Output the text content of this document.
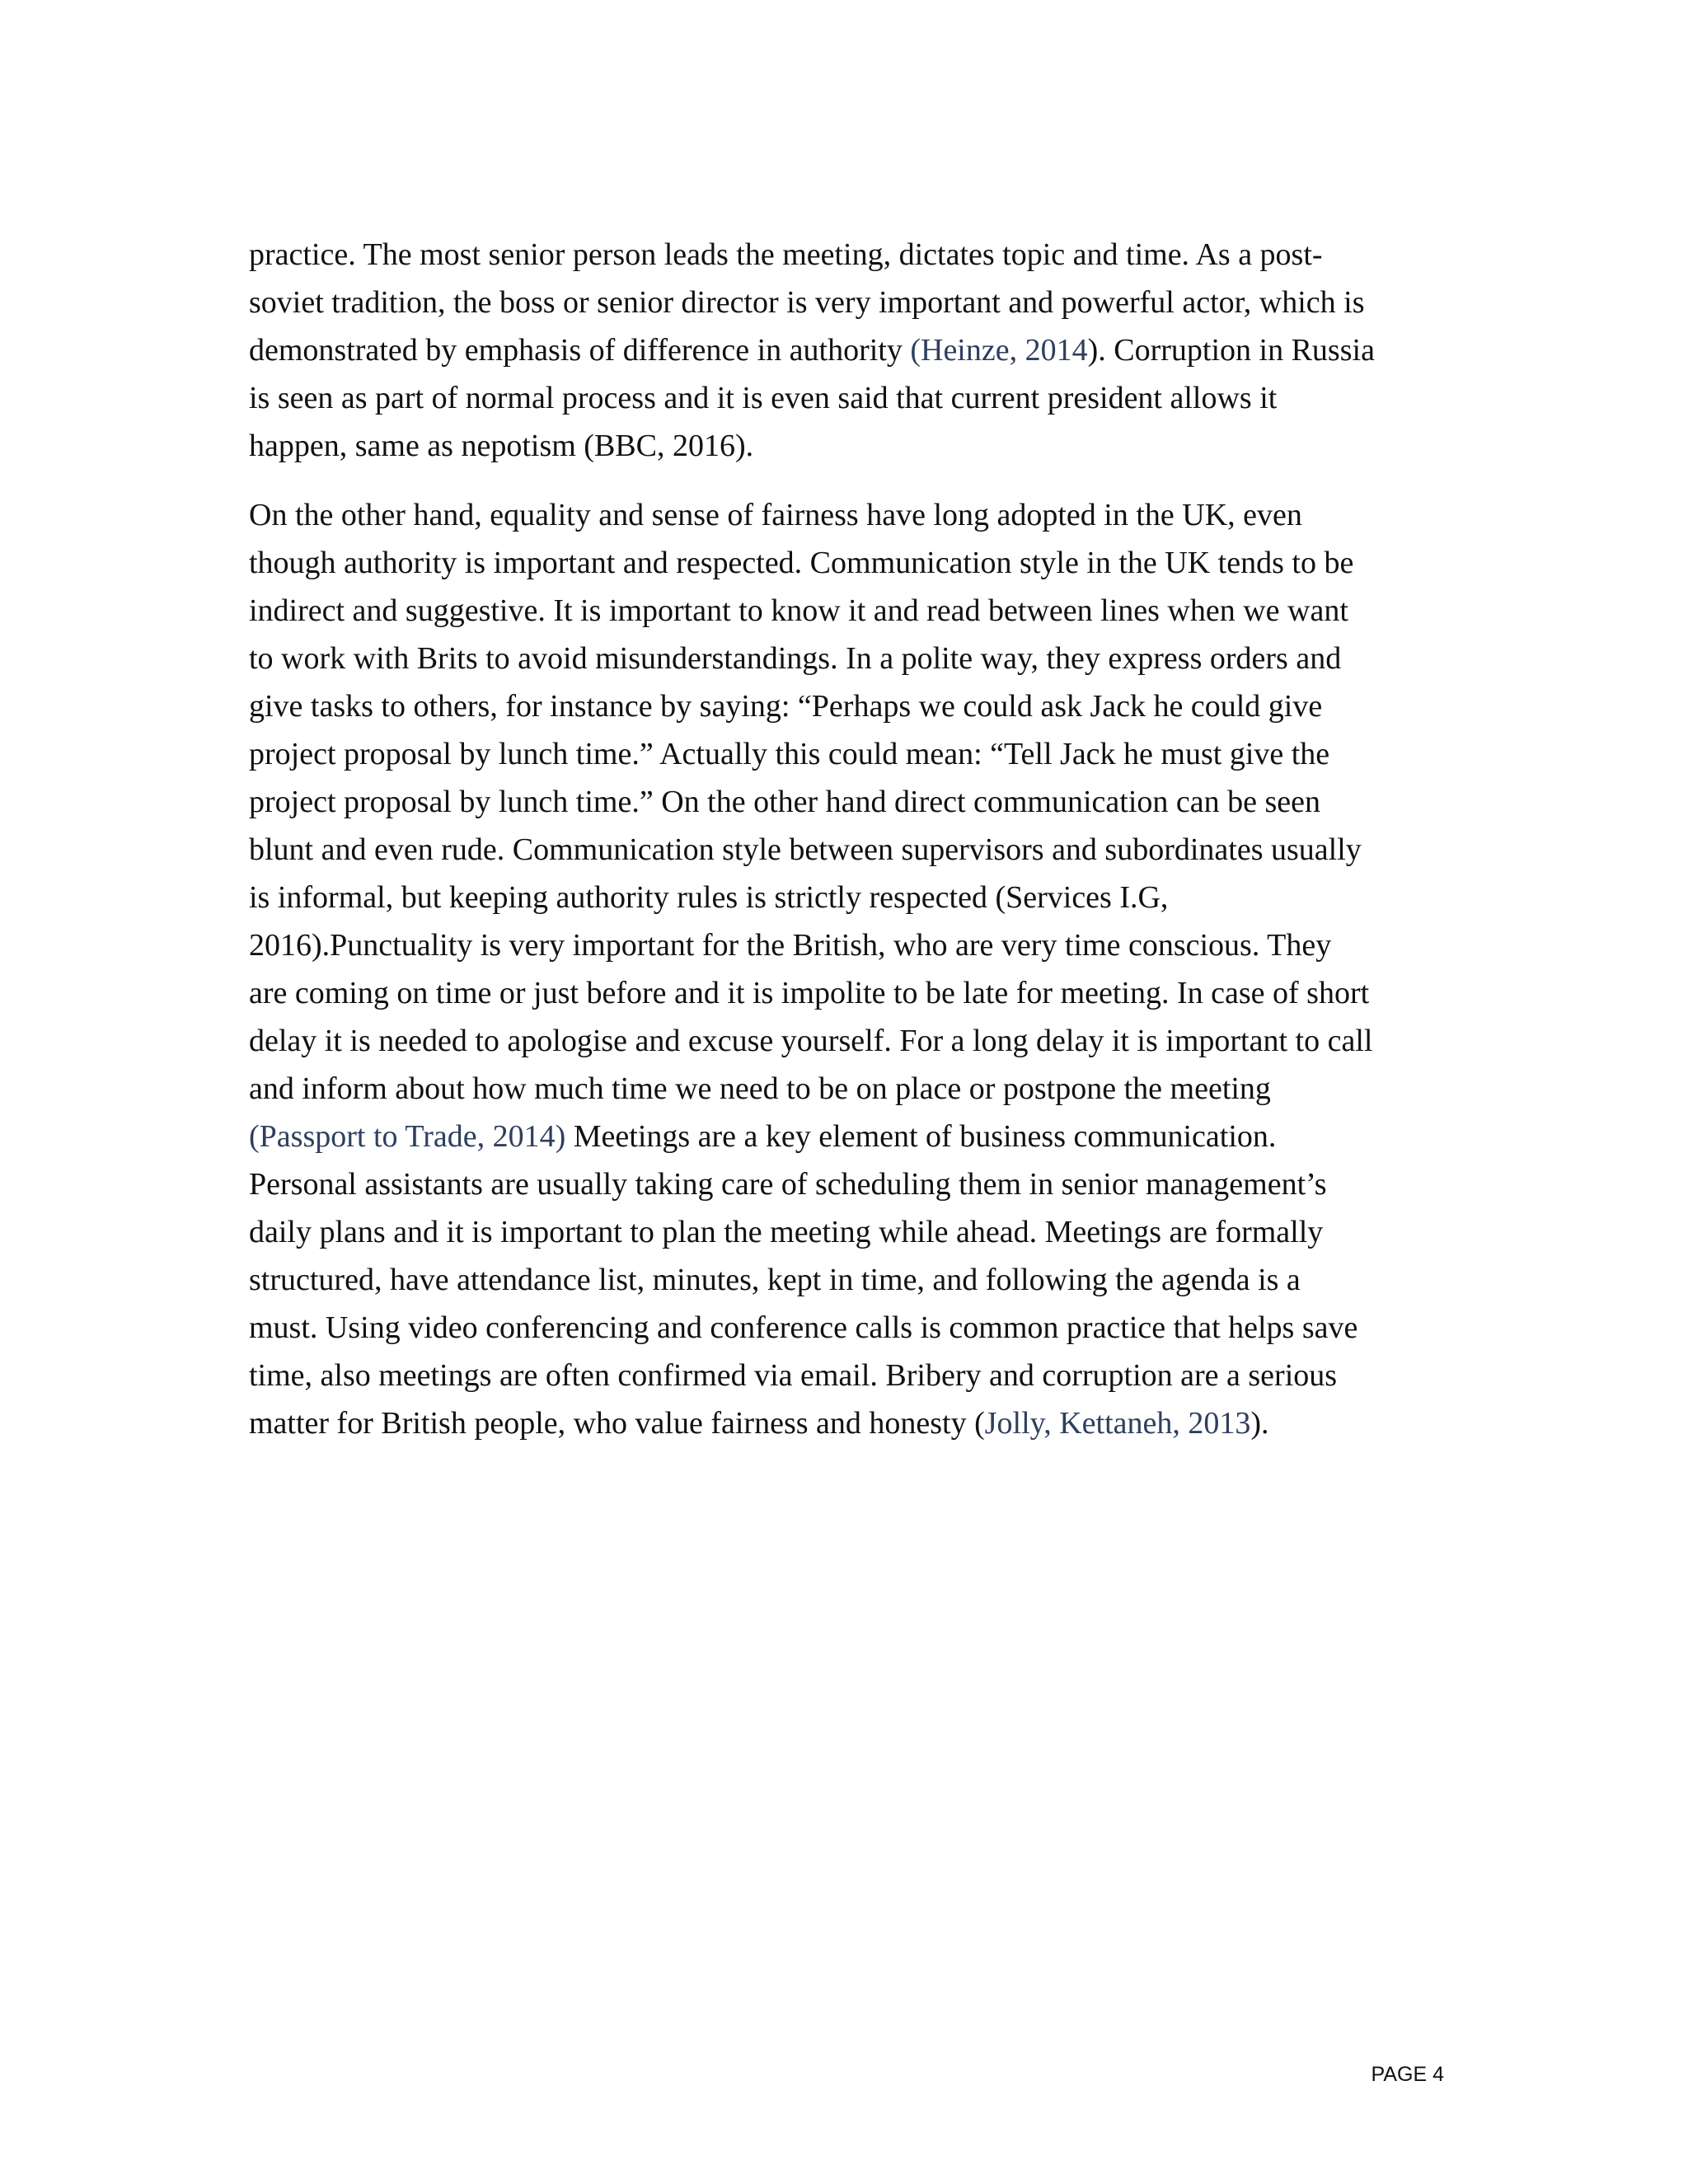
practice. The most senior person leads the meeting, dictates topic and time. As a post-
soviet tradition, the boss or senior director is very important and powerful actor, which is
demonstrated by emphasis of difference in authority (Heinze, 2014). Corruption in Russia
is seen as part of normal process and it is even said that current president allows it
happen, same as nepotism (BBC, 2016).
On the other hand, equality and sense of fairness have long adopted in the UK, even
though authority is important and respected. Communication style in the UK tends to be
indirect and suggestive. It is important to know it and read between lines when we want
to work with Brits to avoid misunderstandings. In a polite way, they express orders and
give tasks to others, for instance by saying: “Perhaps we could ask Jack he could give
project proposal by lunch time.” Actually this could mean: “Tell Jack he must give the
project proposal by lunch time.” On the other hand direct communication can be seen
blunt and even rude. Communication style between supervisors and subordinates usually
is informal, but keeping authority rules is strictly respected (Services I.G,
2016).Punctuality is very important for the British, who are very time conscious. They
are coming on time or just before and it is impolite to be late for meeting. In case of short
delay it is needed to apologise and excuse yourself. For a long delay it is important to call
and inform about how much time we need to be on place or postpone the meeting
(Passport to Trade, 2014) Meetings are a key element of business communication.
Personal assistants are usually taking care of scheduling them in senior management’s
daily plans and it is important to plan the meeting while ahead. Meetings are formally
structured, have attendance list, minutes, kept in time, and following the agenda is a
must. Using video conferencing and conference calls is common practice that helps save
time, also meetings are often confirmed via email. Bribery and corruption are a serious
matter for British people, who value fairness and honesty (Jolly, Kettaneh, 2013).
PAGE 4
